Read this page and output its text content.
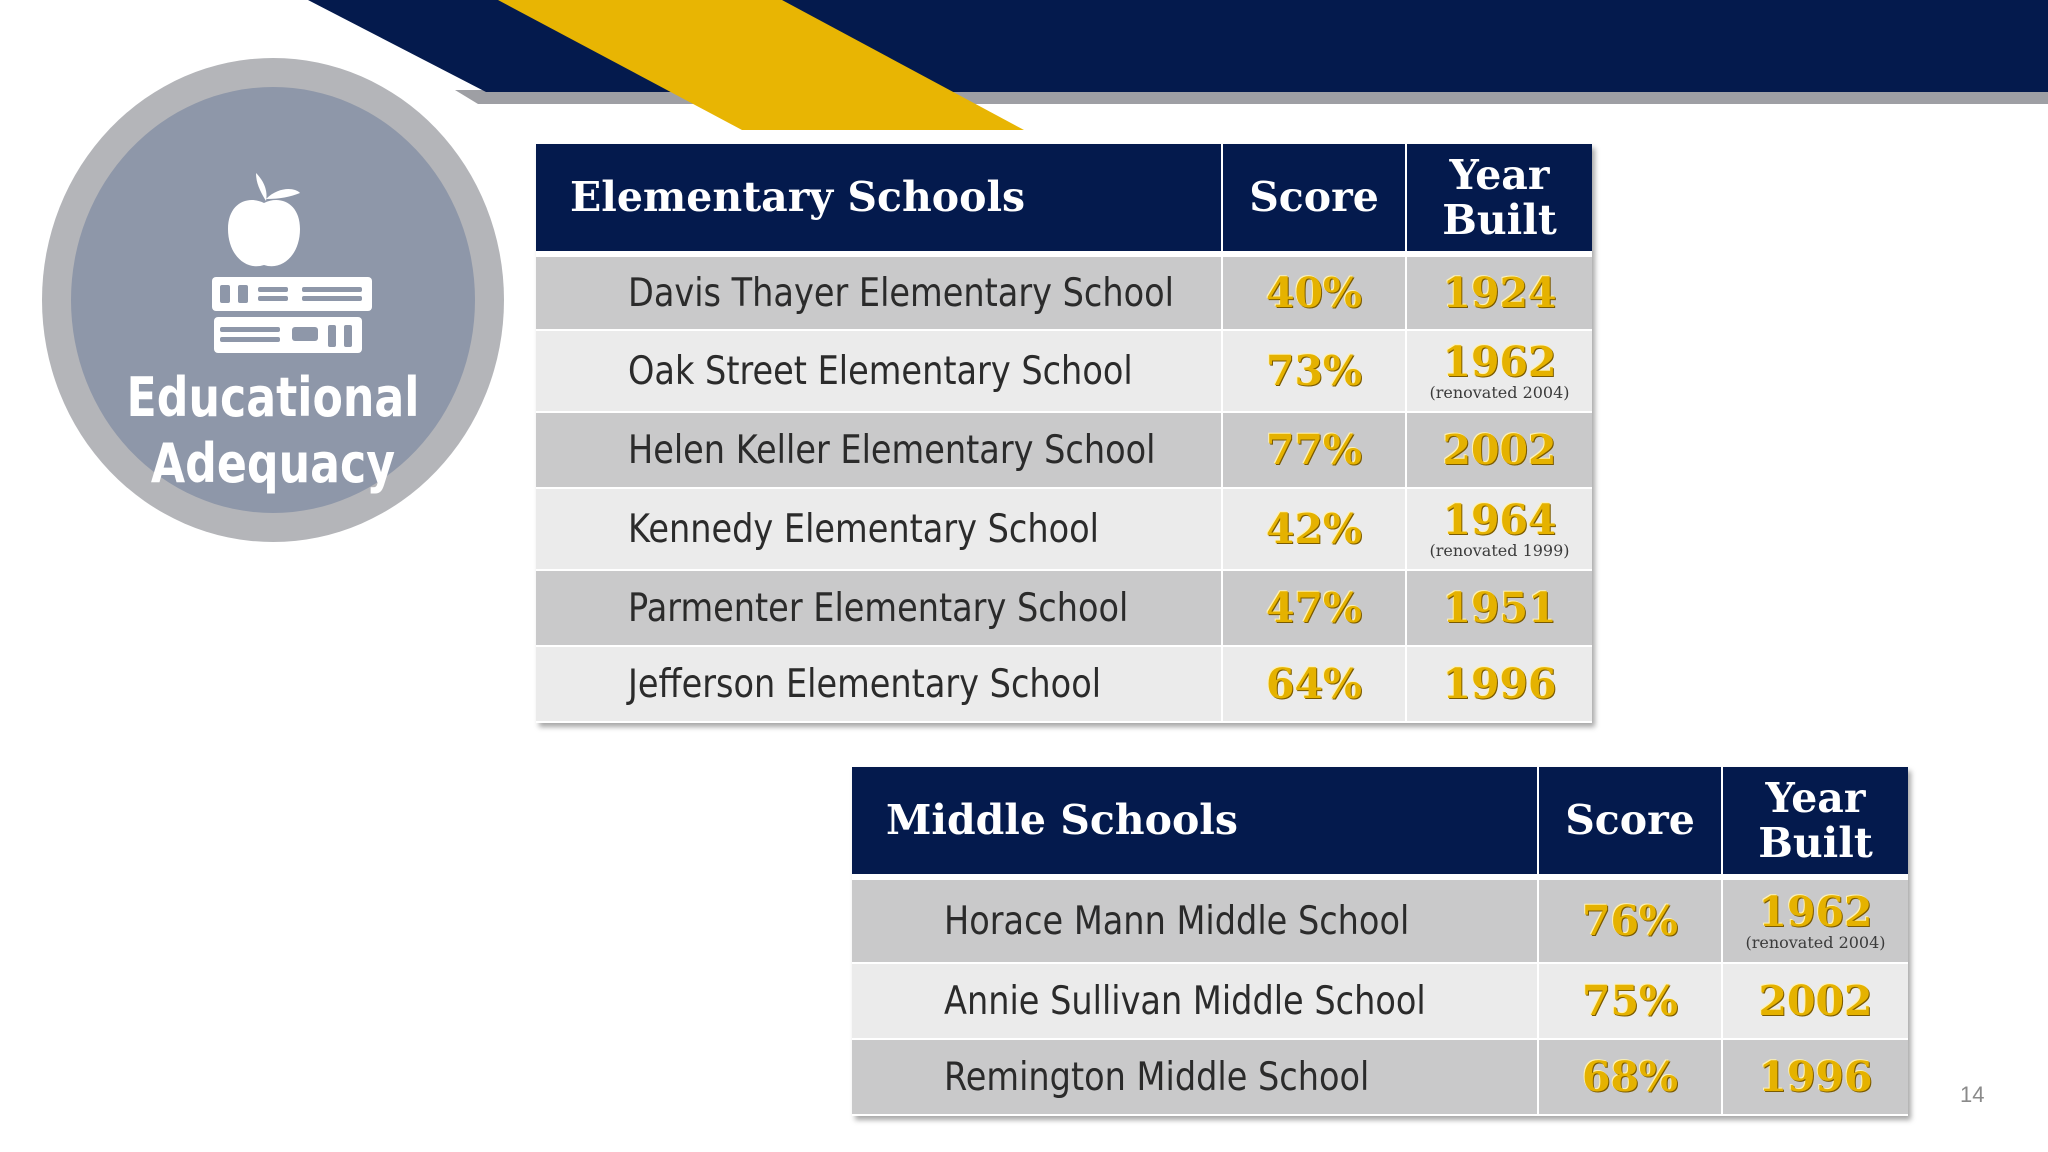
Educational
Adequacy
Elementary Schools	Score	Year
Built

Davis Thayer Elementary School	40%	1924

Oak Street Elementary School	73%	1962
(renovated 2004)

Helen Keller Elementary School	77%	2002

Kennedy Elementary School	42%	1964
(renovated 1999)

Parmenter Elementary School	47%	1951

Jefferson Elementary School	64%	1996
Middle Schools	Score	Year
Built

Horace Mann Middle School	76%	1962
(renovated 2004)

Annie Sullivan Middle School	75%	2002

Remington Middle School	68%	1996	14
